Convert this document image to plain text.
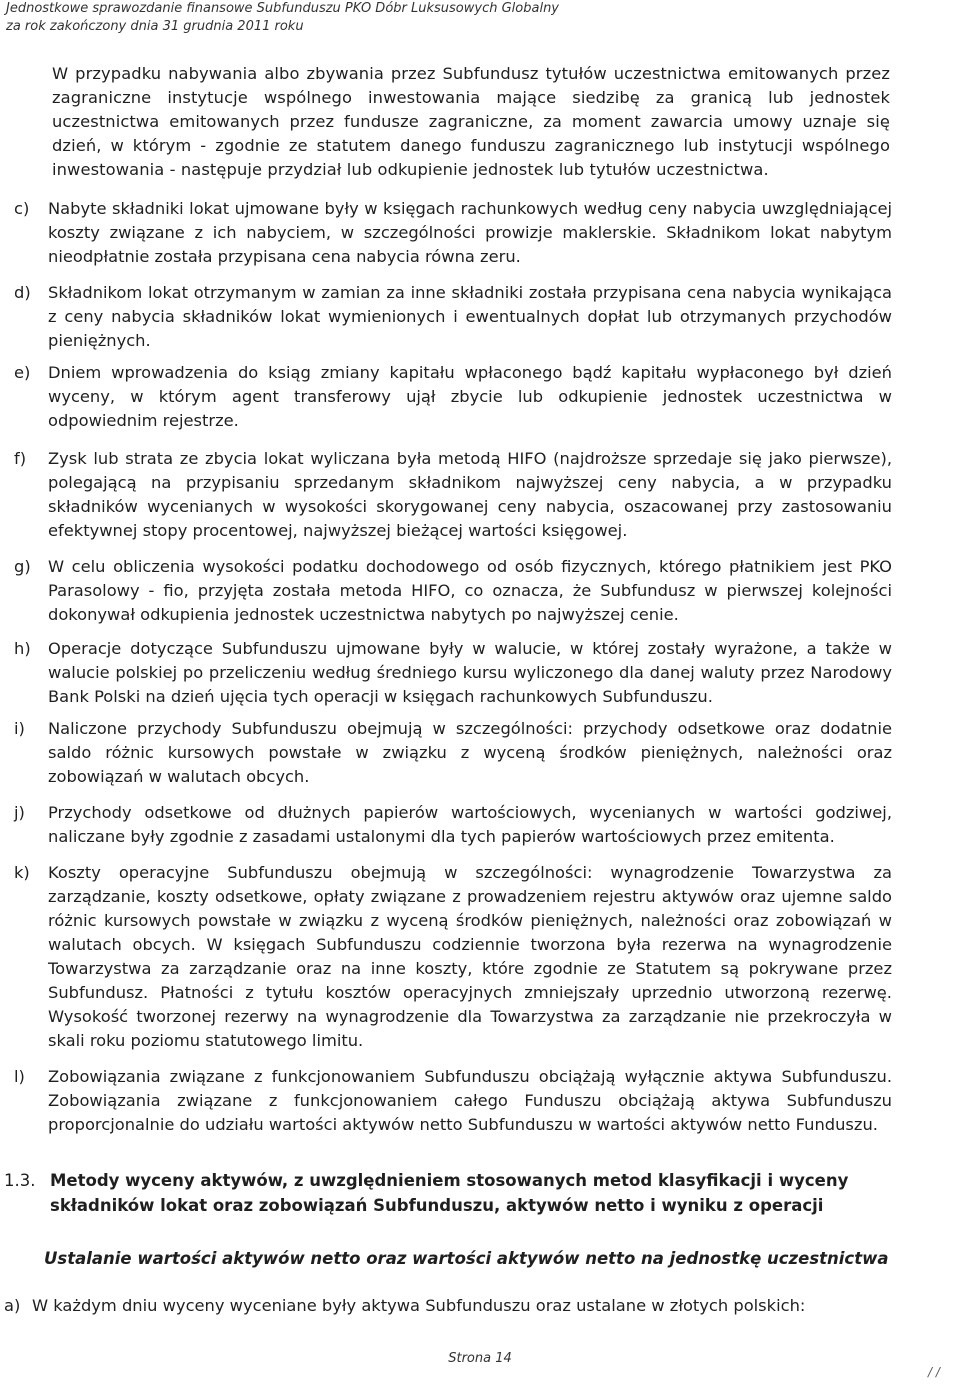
Jednostkowe sprawozdanie finansowe Subfunduszu PKO Dóbr Luksusowych Globalny
za rok zakończony dnia 31 grudnia 2011 roku
W przypadku nabywania albo zbywania przez Subfundusz tytułów uczestnictwa emitowanych przez zagraniczne instytucje wspólnego inwestowania mające siedzibę za granicą lub jednostek uczestnictwa emitowanych przez fundusze zagraniczne, za moment zawarcia umowy uznaje się dzień, w którym - zgodnie ze statutem danego funduszu zagranicznego lub instytucji wspólnego inwestowania - następuje przydział lub odkupienie jednostek lub tytułów uczestnictwa.
c)	Nabyte składniki lokat ujmowane były w księgach rachunkowych według ceny nabycia uwzględniającej koszty związane z ich nabyciem, w szczególności prowizje maklerskie. Składnikom lokat nabytym nieodpłatnie została przypisana cena nabycia równa zeru.
d)	Składnikom lokat otrzymanym w zamian za inne składniki została przypisana cena nabycia wynikająca z ceny nabycia składników lokat wymienionych i ewentualnych dopłat lub otrzymanych przychodów pieniężnych.
e)	Dniem wprowadzenia do ksiąg zmiany kapitału wpłaconego bądź kapitału wypłaconego był dzień wyceny, w którym agent transferowy ujął zbycie lub odkupienie jednostek uczestnictwa w odpowiednim rejestrze.
f)	Zysk lub strata ze zbycia lokat wyliczana była metodą HIFO (najdroższe sprzedaje się jako pierwsze), polegającą na przypisaniu sprzedanym składnikom najwyższej ceny nabycia, a w przypadku składników wycenianych w wysokości skorygowanej ceny nabycia, oszacowanej przy zastosowaniu efektywnej stopy procentowej, najwyższej bieżącej wartości księgowej.
g)	W celu obliczenia wysokości podatku dochodowego od osób fizycznych, którego płatnikiem jest PKO Parasolowy - fio, przyjęta została metoda HIFO, co oznacza, że Subfundusz w pierwszej kolejności dokonywał odkupienia jednostek uczestnictwa nabytych po najwyższej cenie.
h)	Operacje dotyczące Subfunduszu ujmowane były w walucie, w której zostały wyrażone, a także w walucie polskiej po przeliczeniu według średniego kursu wyliczonego dla danej waluty przez Narodowy Bank Polski na dzień ujęcia tych operacji w księgach rachunkowych Subfunduszu.
i)	Naliczone przychody Subfunduszu obejmują w szczególności: przychody odsetkowe oraz dodatnie saldo różnic kursowych powstałe w związku z wyceną środków pieniężnych, należności oraz zobowiązań w walutach obcych.
j)	Przychody odsetkowe od dłużnych papierów wartościowych, wycenianych w wartości godziwej, naliczane były zgodnie z zasadami ustalonymi dla tych papierów wartościowych przez emitenta.
k)	Koszty operacyjne Subfunduszu obejmują w szczególności: wynagrodzenie Towarzystwa za zarządzanie, koszty odsetkowe, opłaty związane z prowadzeniem rejestru aktywów oraz ujemne saldo różnic kursowych powstałe w związku z wyceną środków pieniężnych, należności oraz zobowiązań w walutach obcych. W księgach Subfunduszu codziennie tworzona była rezerwa na wynagrodzenie Towarzystwa za zarządzanie oraz na inne koszty, które zgodnie ze Statutem są pokrywane przez Subfundusz. Płatności z tytułu kosztów operacyjnych zmniejszały uprzednio utworzoną rezerwę. Wysokość tworzonej rezerwy na wynagrodzenie dla Towarzystwa za zarządzanie nie przekroczyła w skali roku poziomu statutowego limitu.
l)	Zobowiązania związane z funkcjonowaniem Subfunduszu obciążają wyłącznie aktywa Subfunduszu. Zobowiązania związane z funkcjonowaniem całego Funduszu obciążają aktywa Subfunduszu proporcjonalnie do udziału wartości aktywów netto Subfunduszu w wartości aktywów netto Funduszu.
1.3. Metody wyceny aktywów, z uwzględnieniem stosowanych metod klasyfikacji i wyceny składników lokat oraz zobowiązań Subfunduszu, aktywów netto i wyniku z operacji
Ustalanie wartości aktywów netto oraz wartości aktywów netto na jednostkę uczestnictwa
a) W każdym dniu wyceny wyceniane były aktywa Subfunduszu oraz ustalane w złotych polskich:
Strona 14
/ /
